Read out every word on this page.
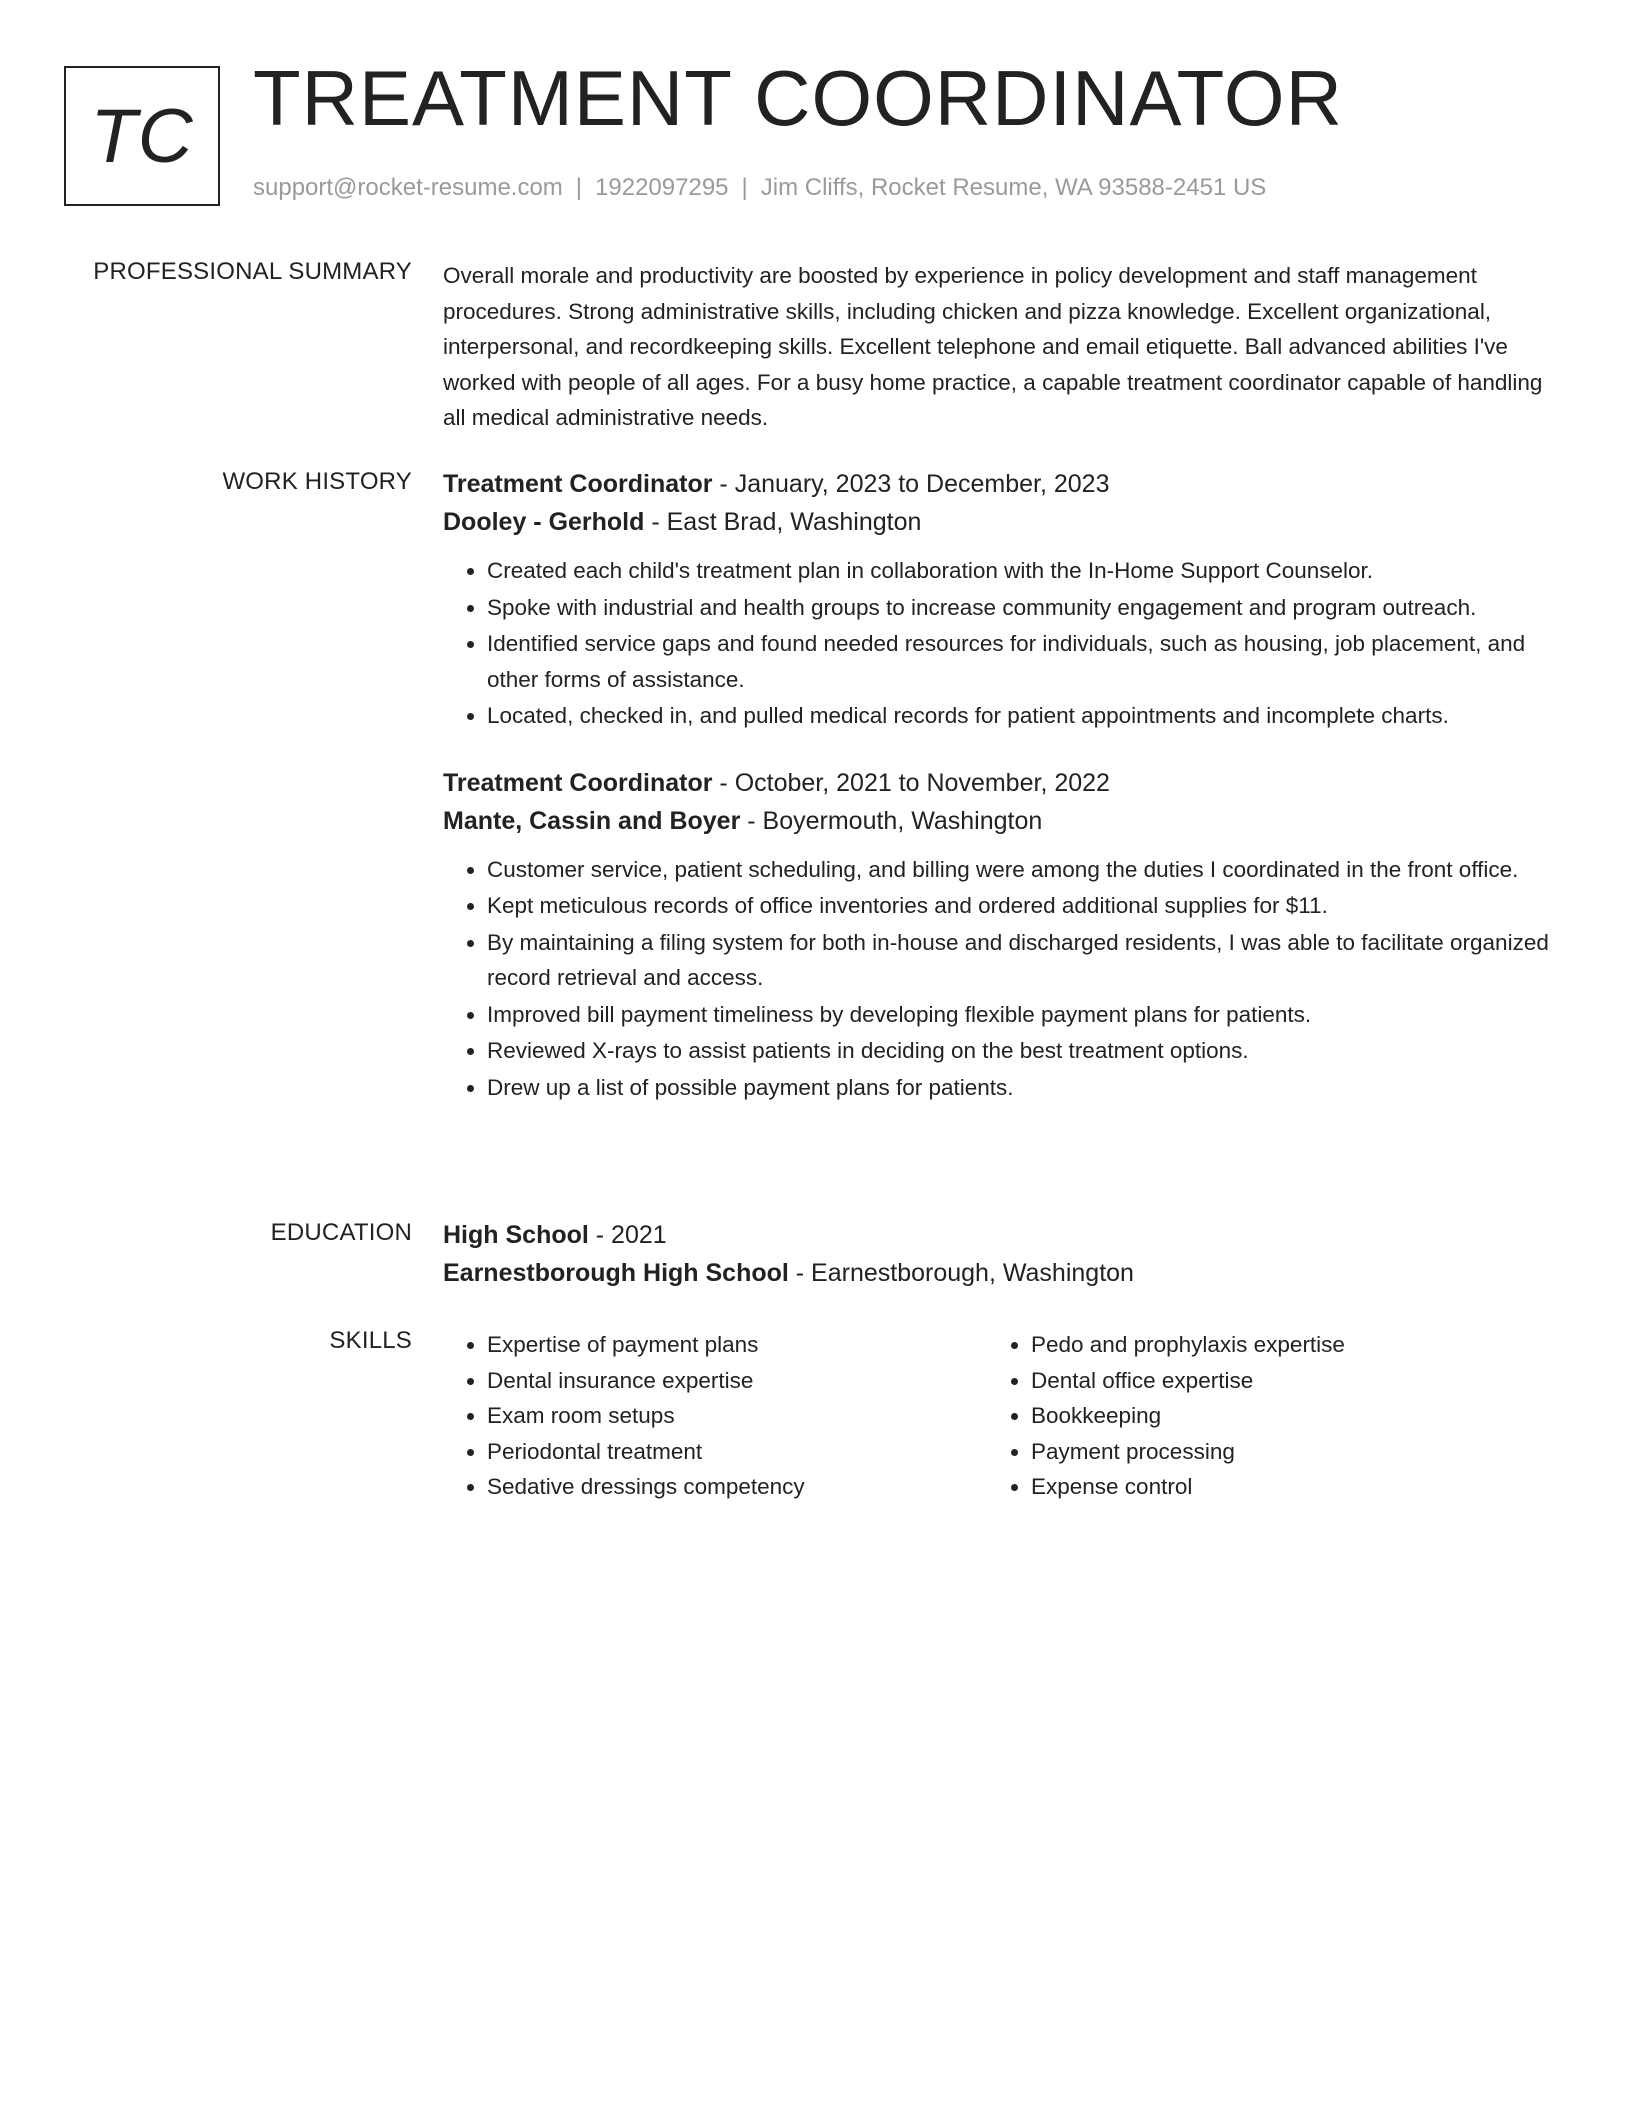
TC TREATMENT COORDINATOR
support@rocket-resume.com | 1922097295 | Jim Cliffs, Rocket Resume, WA 93588-2451 US
PROFESSIONAL SUMMARY Overall morale and productivity are boosted by experience in policy development and staff management procedures. Strong administrative skills, including chicken and pizza knowledge. Excellent organizational, interpersonal, and recordkeeping skills. Excellent telephone and email etiquette. Ball advanced abilities I've worked with people of all ages. For a busy home practice, a capable treatment coordinator capable of handling all medical administrative needs.
WORK HISTORY Treatment Coordinator - January, 2023 to December, 2023
Dooley - Gerhold - East Brad, Washington
• Created each child's treatment plan in collaboration with the In-Home Support Counselor.
• Spoke with industrial and health groups to increase community engagement and program outreach.
• Identified service gaps and found needed resources for individuals, such as housing, job placement, and other forms of assistance.
• Located, checked in, and pulled medical records for patient appointments and incomplete charts.
Treatment Coordinator - October, 2021 to November, 2022
Mante, Cassin and Boyer - Boyermouth, Washington
• Customer service, patient scheduling, and billing were among the duties I coordinated in the front office.
• Kept meticulous records of office inventories and ordered additional supplies for $11.
• By maintaining a filing system for both in-house and discharged residents, I was able to facilitate organized record retrieval and access.
• Improved bill payment timeliness by developing flexible payment plans for patients.
• Reviewed X-rays to assist patients in deciding on the best treatment options.
• Drew up a list of possible payment plans for patients.
EDUCATION High School - 2021
Earnestborough High School - Earnestborough, Washington
SKILLS
•	Expertise of payment plans
• Dental insurance expertise
• Exam room setups
• Periodontal treatment
• Sedative dressings competency
• Pedo and prophylaxis expertise
• Dental office expertise
• Bookkeeping
• Payment processing
• Expense control
